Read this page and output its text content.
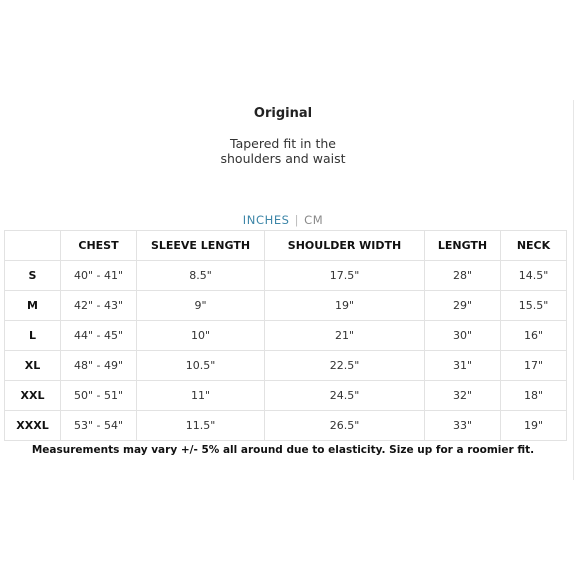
Original
Tapered fit in the
shoulders and waist
INCHES | CM
	CHEST	SLEEVE LENGTH	SHOULDER WIDTH	LENGTH	NECK
S	40" - 41"	8.5"	17.5"	28"	14.5"
M	42" - 43"	9"	19"	29"	15.5"
L	44" - 45"	10"	21"	30"	16"
XL	48" - 49"	10.5"	22.5"	31"	17"
XXL	50" - 51"	11"	24.5"	32"	18"
XXXL	53" - 54"	11.5"	26.5"	33"	19"
Measurements may vary +/- 5% all around due to elasticity. Size up for a roomier fit.
